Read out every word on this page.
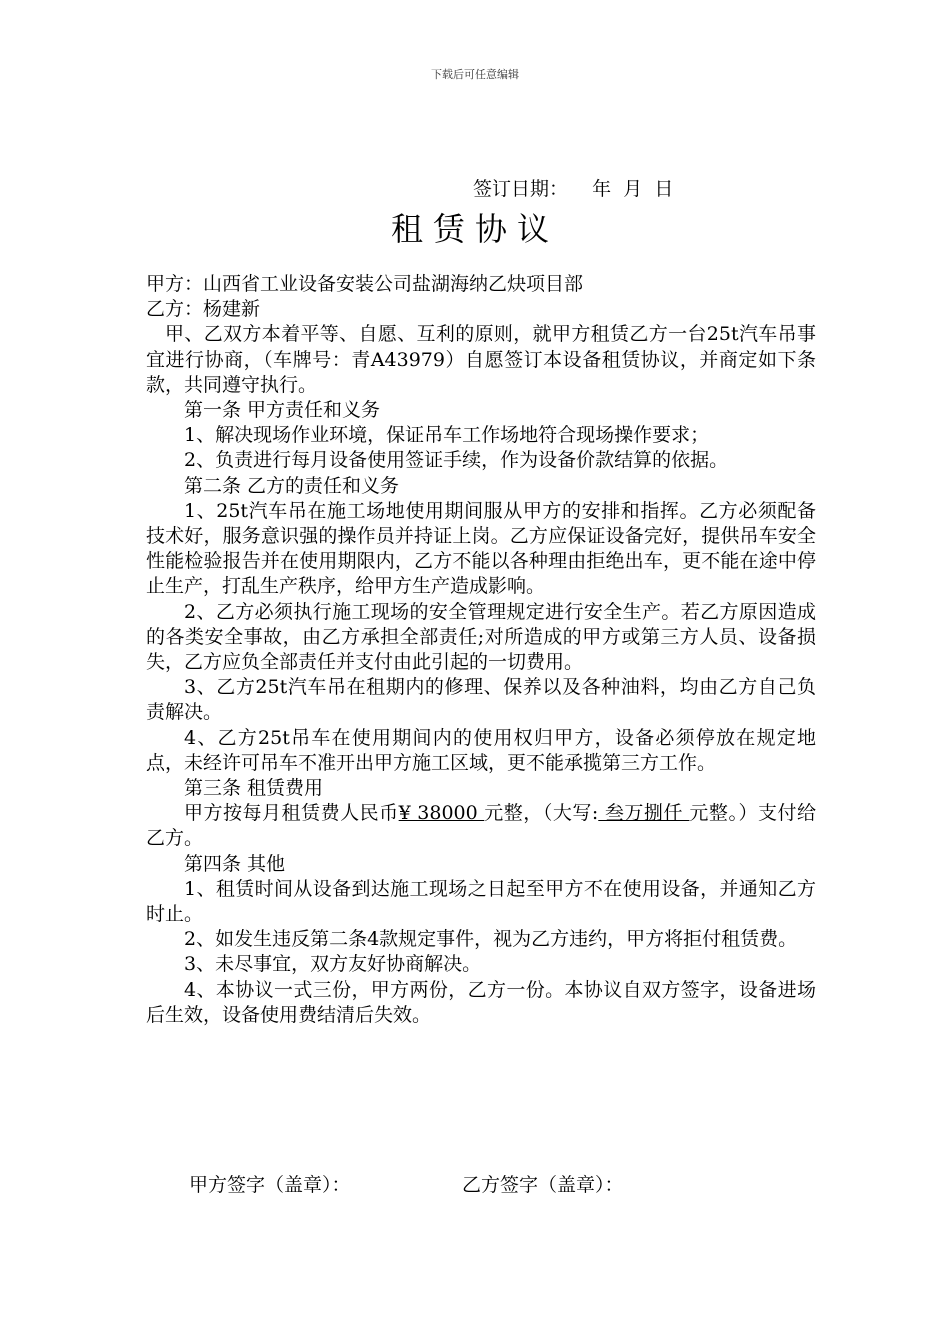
下载后可任意编辑
签订日期：    年  月  日
租赁协议

甲方：山西省工业设备安装公司盐湖海纳乙炔项目部

乙方：杨建新

甲、乙双方本着平等、自愿、互利的原则，就甲方租赁乙方一台25t汽车吊事宜进行协商，（车牌号：青A43979）自愿签订本设备租赁协议，并商定如下条款，共同遵守执行。

第一条 甲方责任和义务

1、解决现场作业环境，保证吊车工作场地符合现场操作要求；

2、负责进行每月设备使用签证手续，作为设备价款结算的依据。

第二条 乙方的责任和义务

1、25t汽车吊在施工场地使用期间服从甲方的安排和指挥。乙方必须配备技术好，服务意识强的操作员并持证上岗。乙方应保证设备完好，提供吊车安全性能检验报告并在使用期限内，乙方不能以各种理由拒绝出车，更不能在途中停止生产，打乱生产秩序，给甲方生产造成影响。

2、乙方必须执行施工现场的安全管理规定进行安全生产。若乙方原因造成的各类安全事故，由乙方承担全部责任;对所造成的甲方或第三方人员、设备损失，乙方应负全部责任并支付由此引起的一切费用。

3、乙方25t汽车吊在租期内的修理、保养以及各种油料，均由乙方自己负责解决。

4、乙方25t吊车在使用期间内的使用权归甲方，设备必须停放在规定地点，未经许可吊车不准开出甲方施工区域，更不能承揽第三方工作。

第三条 租赁费用

甲方按每月租赁费人民币¥ 38000 元整，（大写: 叁万捌仟 元整。）支付给乙方。

第四条 其他

1、租赁时间从设备到达施工现场之日起至甲方不在使用设备，并通知乙方时止。

2、如发生违反第二条4款规定事件，视为乙方违约，甲方将拒付租赁费。

3、未尽事宜，双方友好协商解决。

4、本协议一式三份，甲方两份，乙方一份。本协议自双方签字，设备进场后生效，设备使用费结清后失效。

甲方签字（盖章）：	乙方签字（盖章）：
